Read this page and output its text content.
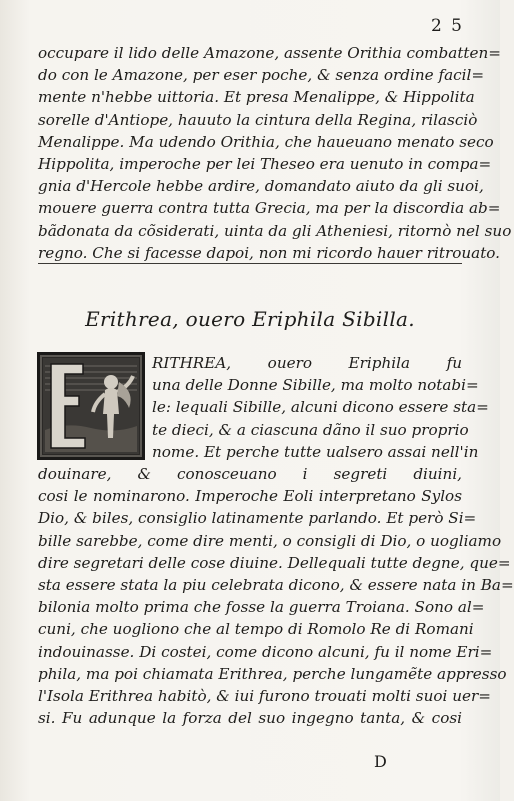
2 5
occupare il lido delle Amazone, assente Orithia combatten=
do con le Amazone, per eser poche, & senza ordine facil=
mente n'hebbe uittoria. Et presa Menalippe, & Hippolita
sorelle d'Antiope, hauuto la cintura della Regina, rilasciò
Menalippe. Ma udendo Orithia, che haueuano menato seco
Hippolita, imperoche per lei Theseo era uenuto in compa=
gnia d'Hercole hebbe ardire, domandato aiuto da gli suoi,
mouere guerra contra tutta Grecia, ma per la discordia ab=
bãdonata da cõsiderati, uinta da gli Atheniesi, ritornò nel suo
regno. Che si facesse dapoi, non mi ricordo hauer ritrouato.
Erithrea, ouero Eriphila Sibilla.
RITHREA, ouero Eriphila fu
una delle Donne Sibille, ma molto notabi=
le: lequali Sibille, alcuni dicono essere sta=
te dieci, & a ciascuna dãno il suo proprio
nome. Et perche tutte ualsero assai nell'in
douinare, & conosceuano i segreti diuini,
cosi le nominarono. Imperoche Eoli interpretano Sylos
Dio, & biles, consiglio latinamente parlando. Et però Si=
bille sarebbe, come dire menti, o consigli di Dio, o uogliamo
dire segretari delle cose diuine. Dellequali tutte degne, que=
sta essere stata la piu celebrata dicono, & essere nata in Ba=
bilonia molto prima che fosse la guerra Troiana. Sono al=
cuni, che uogliono che al tempo di Romolo Re di Romani
indouinasse. Di costei, come dicono alcuni, fu il nome Eri=
phila, ma poi chiamata Erithrea, perche lungamẽte appresso
l'Isola Erithrea habitò, & iui furono trouati molti suoi uer=
si. Fu adunque la forza del suo ingegno tanta, & cosi
D
